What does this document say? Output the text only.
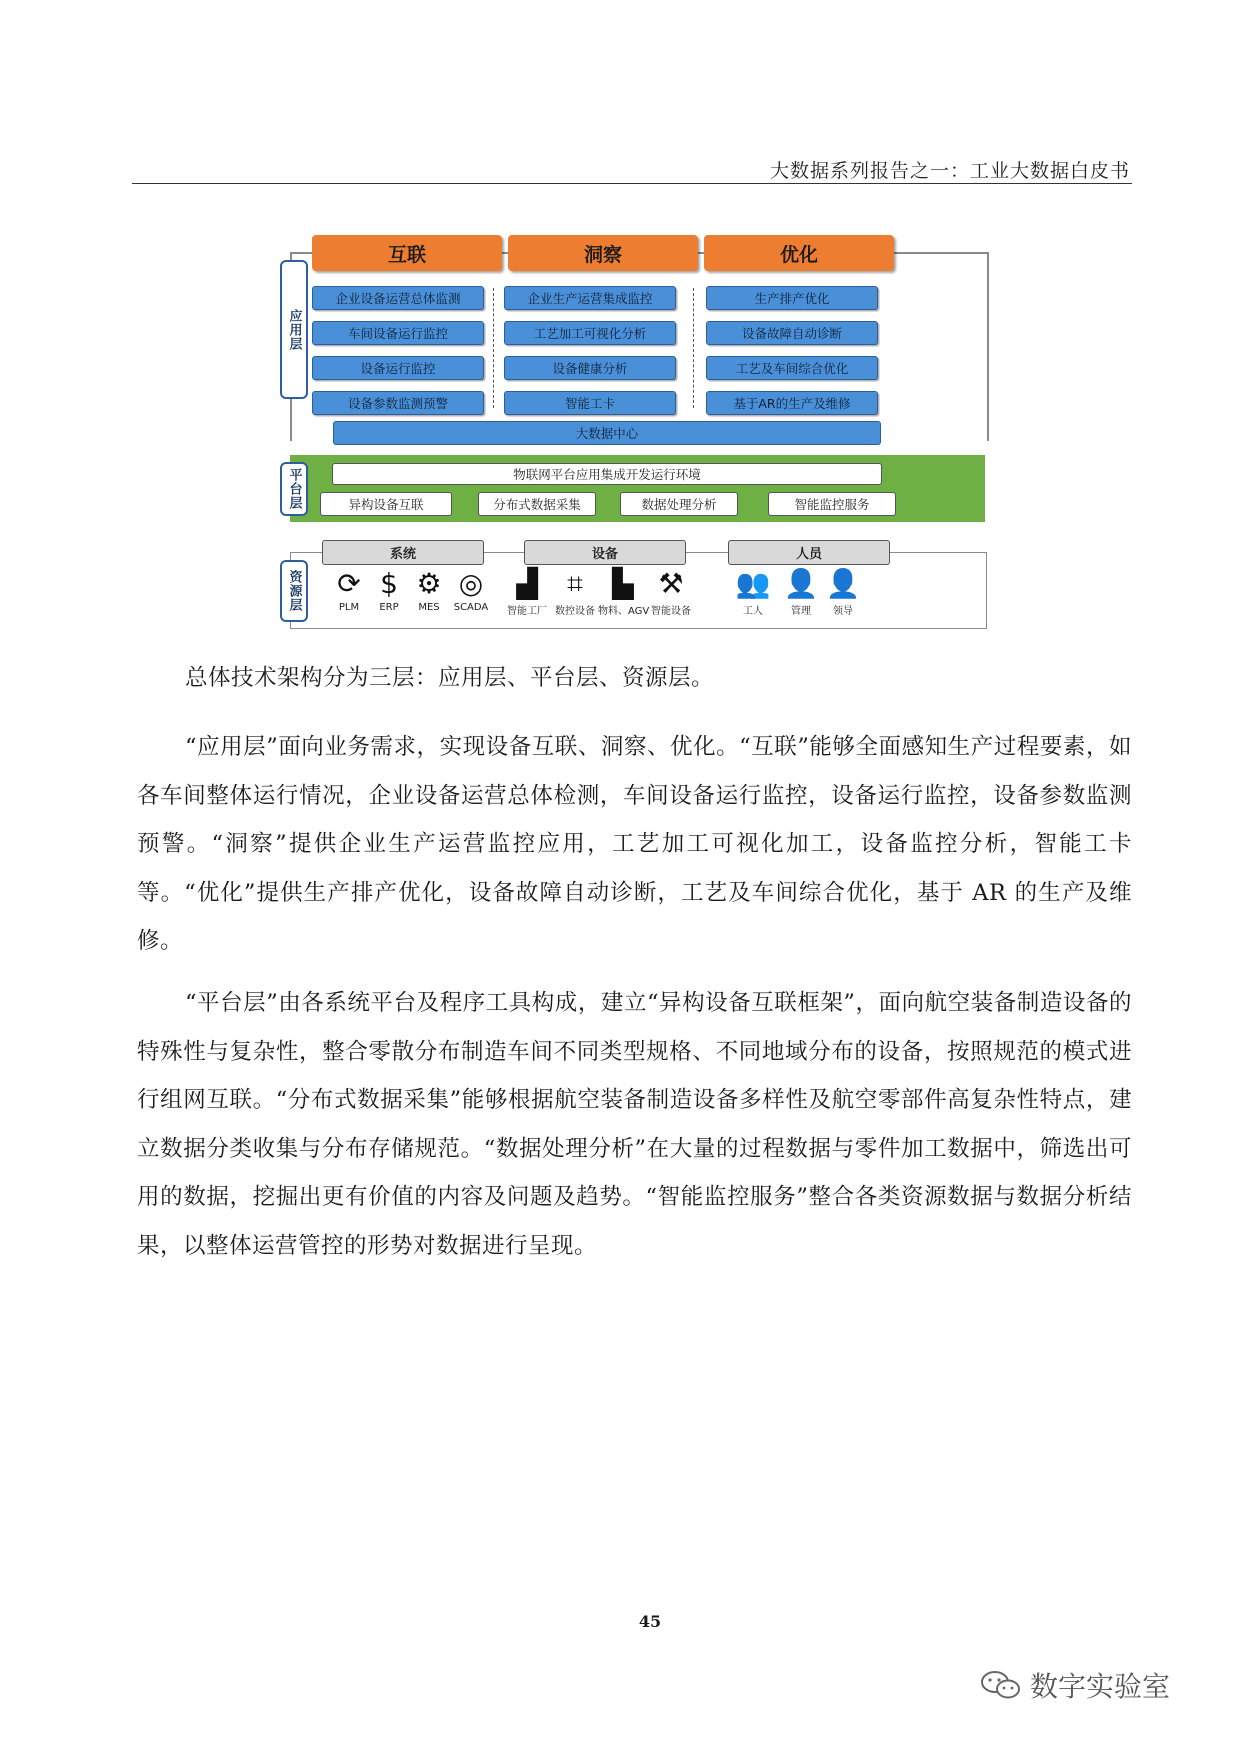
大数据系列报告之一：工业大数据白皮书
应用层
互联	洞察	优化
企业设备运营总体监测
车间设备运行监控
设备运行监控
设备参数监测预警
企业生产运营集成监控
工艺加工可视化分析
设备健康分析
智能工卡
生产排产优化
设备故障自动诊断
工艺及车间综合优化
基于AR的生产及维修
大数据中心
物联网平台应用集成开发运行环境
异构设备互联	分布式数据采集	数据处理分析	智能监控服务
平台层
资源层
系统	设备	人员
⟳
PLM
$
ERP
⚙
MES
◎
SCADA
▟
智能工厂
⌗
数控设备
▙
物料、AGV
⚒
智能设备
👥
工人
👤
管理
👤
领导

总体技术架构分为三层：应用层、平台层、资源层。

“应用层”面向业务需求，实现设备互联、洞察、优化。“互联”能够全面感知生产过程要素，如各车间整体运行情况，企业设备运营总体检测，车间设备运行监控，设备运行监控，设备参数监测预警。“洞察”提供企业生产运营监控应用，工艺加工可视化加工，设备监控分析，智能工卡等。“优化”提供生产排产优化，设备故障自动诊断，工艺及车间综合优化，基于 AR 的生产及维修。

“平台层”由各系统平台及程序工具构成，建立“异构设备互联框架”，面向航空装备制造设备的特殊性与复杂性，整合零散分布制造车间不同类型规格、不同地域分布的设备，按照规范的模式进行组网互联。“分布式数据采集”能够根据航空装备制造设备多样性及航空零部件高复杂性特点，建立数据分类收集与分布存储规范。“数据处理分析”在大量的过程数据与零件加工数据中，筛选出可用的数据，挖掘出更有价值的内容及问题及趋势。“智能监控服务”整合各类资源数据与数据分析结果，以整体运营管控的形势对数据进行呈现。

45
数字实验室
